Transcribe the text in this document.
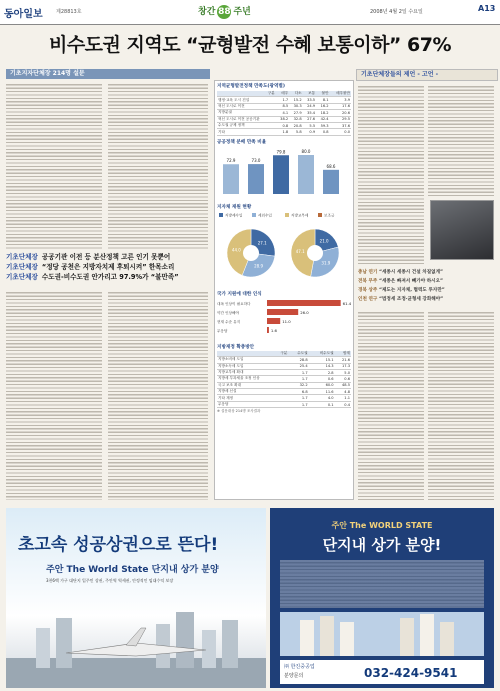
동아일보	제28813호	창간 88 주년	2008년 4월 2일 수요일	A13
비수도권 지역도 “균형발전 수혜 보통이하” 67%
기초지자단체장 214명 설문
기초단체장 공공기관 이전 등 분산정책 고른 인기 못뿐어
기초단체장 “정당 공천은 지방자치제 후퇴시켜” 한목소리
기초단체장 수도권-비수도권 안가리고 97.9%가 “불만족”
지역균형발전정책 만족도(광역별)
구분	매우	다소	보통	불만	매우불만
행정·교육 도시 건설	1.7	15.2	33.5	8.1	3.9
혁신 도시로 이전	8.5	30.3	24.9	16.2	17.6
지방분권	4.1	27.9	35.4	18.2	20.6
혁신 도시로 이전 공공기관	38.2	32.8	27.6	42.4	29.5
수도권 규제 정책	0.8	20.8	5.5	59.3	37.6
기타	1.8	5.8	0.9	0.8	0.0
공공정책 분배 만족 비율
72.9	73.0
79.8	80.0
68.6
지자체 재원 현황
지방세수입	세외수입	지방교부세	보조금
27.1
28.9
44.0
21.0
31.9
47.1
국가 지원에 대한 인식
대폭 인상이 필요하다	61.4
약간 인상해야	26.0
현재 수준 유지	11.0
무응답	1.6
지방재정 확충방안
구분	수도권	비수도권	합계
지방소비세 도입	28.8	15.1	21.6
지방소득세 도입	25.4	14.3	17.3
지방교부세 확대	1.7	2.8	5.0
지방세 부과세율 조정 인상	1.7	0.6	0.6
국고 보조 확대	32.2	60.0	48.5
지방세 신설	6.8	11.6	4.8
기타 재정	1.7	4.0	1.1
무응답	1.7	0.1	0.4
※ 설문대상 214명 조사결과
기초단체장들의 제언 - 고언 -
충남 연기 “세종시 세종시 건설 차질없게”
전북 무주 “세종은 빠져서 빼가야 하시오”
경북 상주 “제도는 지자체, 협력도 투자만”
인천 연구 “법정세 조정·균형세 강화해야”
초고속 성공상권으로 뜬다!
주안 The World State 단지내 상가 분양
3천6백 가구 대단지 입주민 상권, 주안역 역세권, 안정적인 임대수익 보장
주안 The WORLD STATE
단지내 상가 분양!
㈜ 한진중공업
분양문의	032-424-9541
